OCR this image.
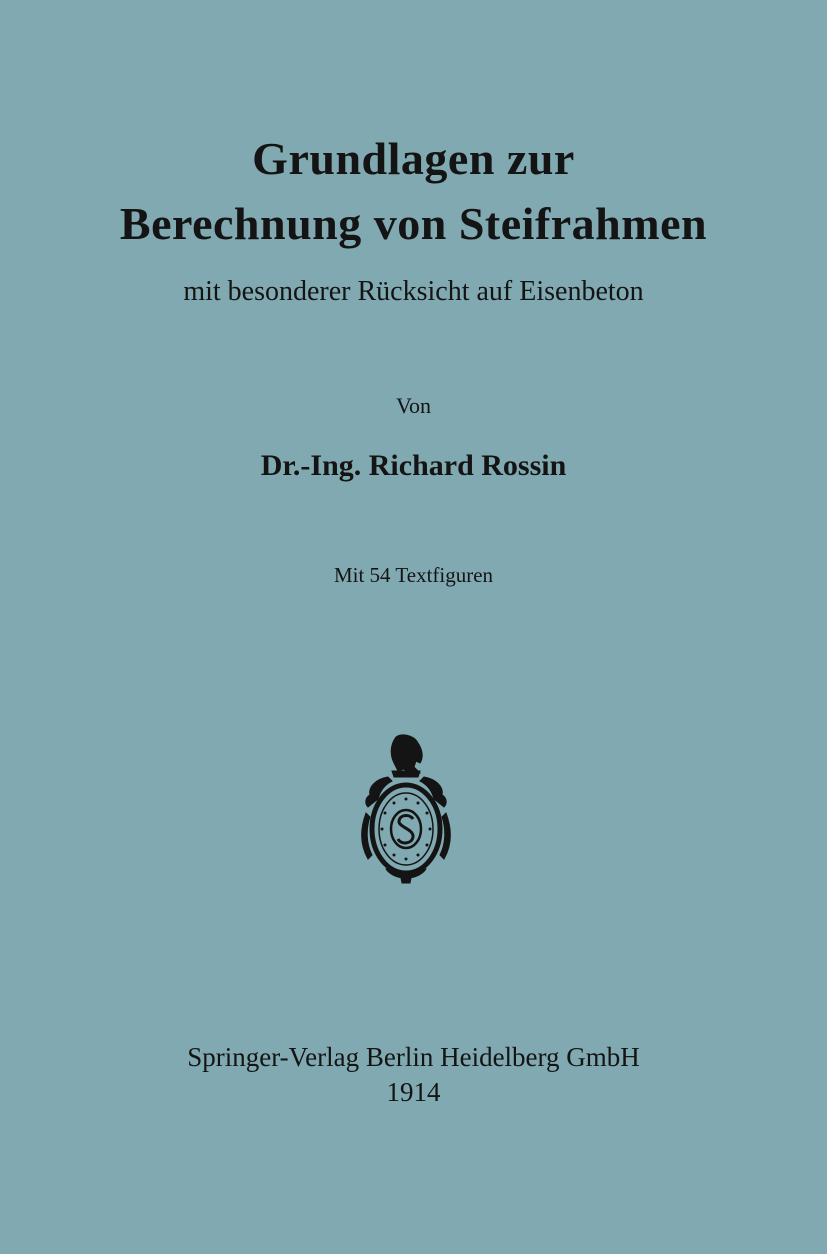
Grundlagen zur
Berechnung von Steifrahmen
mit besonderer Rücksicht auf Eisenbeton
Von
Dr.-Ing. Richard Rossin
Mit 54 Textfiguren
Springer-Verlag Berlin Heidelberg GmbH
1914
